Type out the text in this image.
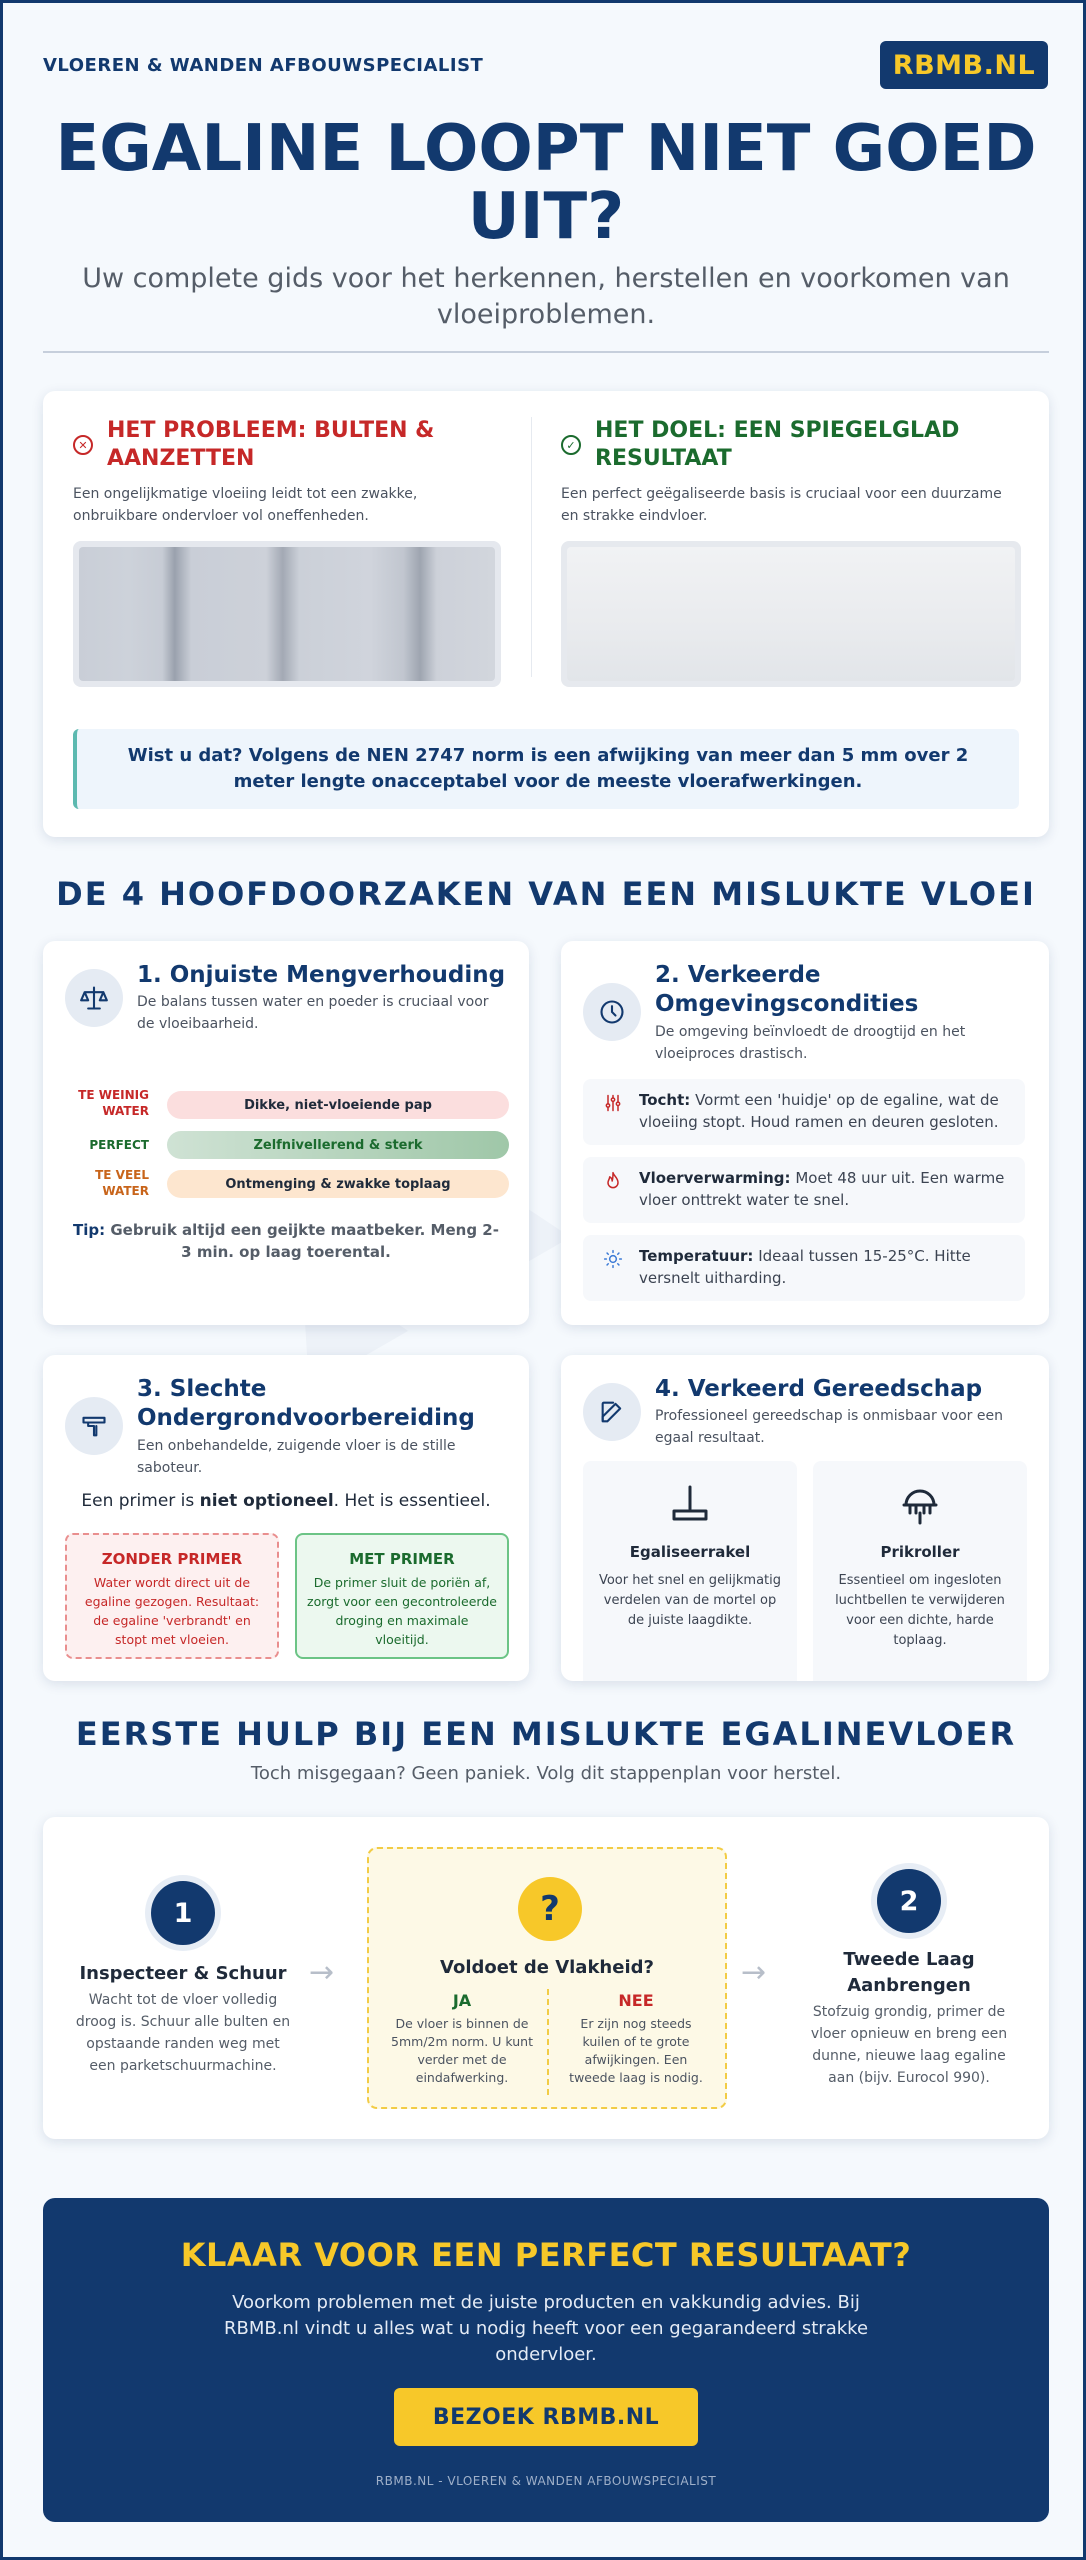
VLOEREN & WANDEN AFBOUWSPECIALIST	RBMB.NL
EGALINE LOOPT NIET GOED UIT?

Uw complete gids voor het herkennen, herstellen en voorkomen van vloeiproblemen.

✕
HET PROBLEEM: BULTEN & AANZETTEN
Een ongelijkmatige vloeiing leidt tot een zwakke, onbruikbare ondervloer vol oneffenheden.
✓
HET DOEL: EEN SPIEGELGLAD RESULTAAT
Een perfect geëgaliseerde basis is cruciaal voor een duurzame en strakke eindvloer.
Wist u dat? Volgens de NEN 2747 norm is een afwijking van meer dan 5 mm over 2 meter lengte onacceptabel voor de meeste vloerafwerkingen.
DE 4 HOOFDOORZAKEN VAN EEN MISLUKTE VLOEI
1. Onjuiste Mengverhouding
De balans tussen water en poeder is cruciaal voor de vloeibaarheid.
TE WEINIG WATER	Dikke, niet-vloeiende pap
PERFECT	Zelfnivellerend & sterk
TE VEEL WATER	Ontmenging & zwakke toplaag
Tip: Gebruik altijd een geijkte maatbeker. Meng 2-3 min. op laag toerental.
2. Verkeerde Omgevingscondities
De omgeving beïnvloedt de droogtijd en het vloeiproces drastisch.
Tocht: Vormt een 'huidje' op de egaline, wat de vloeiing stopt. Houd ramen en deuren gesloten.
Vloerverwarming: Moet 48 uur uit. Een warme vloer onttrekt water te snel.
Temperatuur: Ideaal tussen 15-25°C. Hitte versnelt uitharding.
3. Slechte Ondergrondvoorbereiding
Een onbehandelde, zuigende vloer is de stille saboteur.
Een primer is niet optioneel. Het is essentieel.
ZONDER PRIMER
Water wordt direct uit de egaline gezogen. Resultaat: de egaline 'verbrandt' en stopt met vloeien.
MET PRIMER
De primer sluit de poriën af, zorgt voor een gecontroleerde droging en maximale vloeitijd.
4. Verkeerd Gereedschap
Professioneel gereedschap is onmisbaar voor een egaal resultaat.
Egaliseerrakel
Voor het snel en gelijkmatig verdelen van de mortel op de juiste laagdikte.
Prikroller
Essentieel om ingesloten luchtbellen te verwijderen voor een dichte, harde toplaag.
EERSTE HULP BIJ EEN MISLUKTE EGALINEVLOER
Toch misgegaan? Geen paniek. Volg dit stappenplan voor herstel.
1
Inspecteer & Schuur
Wacht tot de vloer volledig droog is. Schuur alle bulten en opstaande randen weg met een parketschuurmachine.
→
?
Voldoet de Vlakheid?
JA
De vloer is binnen de 5mm/2m norm. U kunt verder met de eindafwerking.
NEE
Er zijn nog steeds kuilen of te grote afwijkingen. Een tweede laag is nodig.
→
2
Tweede Laag Aanbrengen
Stofzuig grondig, primer de vloer opnieuw en breng een dunne, nieuwe laag egaline aan (bijv. Eurocol 990).
KLAAR VOOR EEN PERFECT RESULTAAT?
Voorkom problemen met de juiste producten en vakkundig advies. Bij RBMB.nl vindt u alles wat u nodig heeft voor een gegarandeerd strakke ondervloer.
BEZOEK RBMB.NL
RBMB.NL - VLOEREN & WANDEN AFBOUWSPECIALIST
